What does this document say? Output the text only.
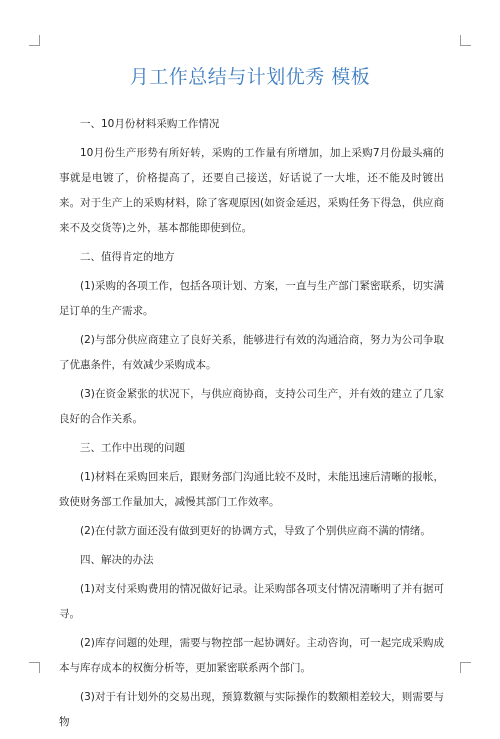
月工作总结与计划优秀 模板

一、10月份材料采购工作情况

10月份生产形势有所好转，采购的工作量有所增加，加上采购7月份最头痛的事就是电镀了，价格提高了，还要自己接送，好话说了一大堆，还不能及时镀出来。对于生产上的采购材料，除了客观原因(如资金延迟，采购任务下得急，供应商来不及交货等)之外，基本都能即使到位。

二、值得肯定的地方

(1)采购的各项工作，包括各项计划、方案，一直与生产部门紧密联系，切实满足订单的生产需求。

(2)与部分供应商建立了良好关系，能够进行有效的沟通洽商，努力为公司争取了优惠条件，有效减少采购成本。

(3)在资金紧张的状况下，与供应商协商，支持公司生产，并有效的建立了几家良好的合作关系。

三、工作中出现的问题

(1)材料在采购回来后，跟财务部门沟通比较不及时，未能迅速后清晰的报帐，致使财务部工作量加大，减慢其部门工作效率。

(2)在付款方面还没有做到更好的协调方式，导致了个别供应商不满的情绪。

四、解决的办法

(1)对支付采购费用的情况做好记录。让采购部各项支付情况清晰明了并有据可寻。

(2)库存问题的处理，需要与物控部一起协调好。主动咨询，可一起完成采购成本与库存成本的权衡分析等，更加紧密联系两个部门。

(3)对于有计划外的交易出现，预算数额与实际操作的数额相差较大，则需要与物
